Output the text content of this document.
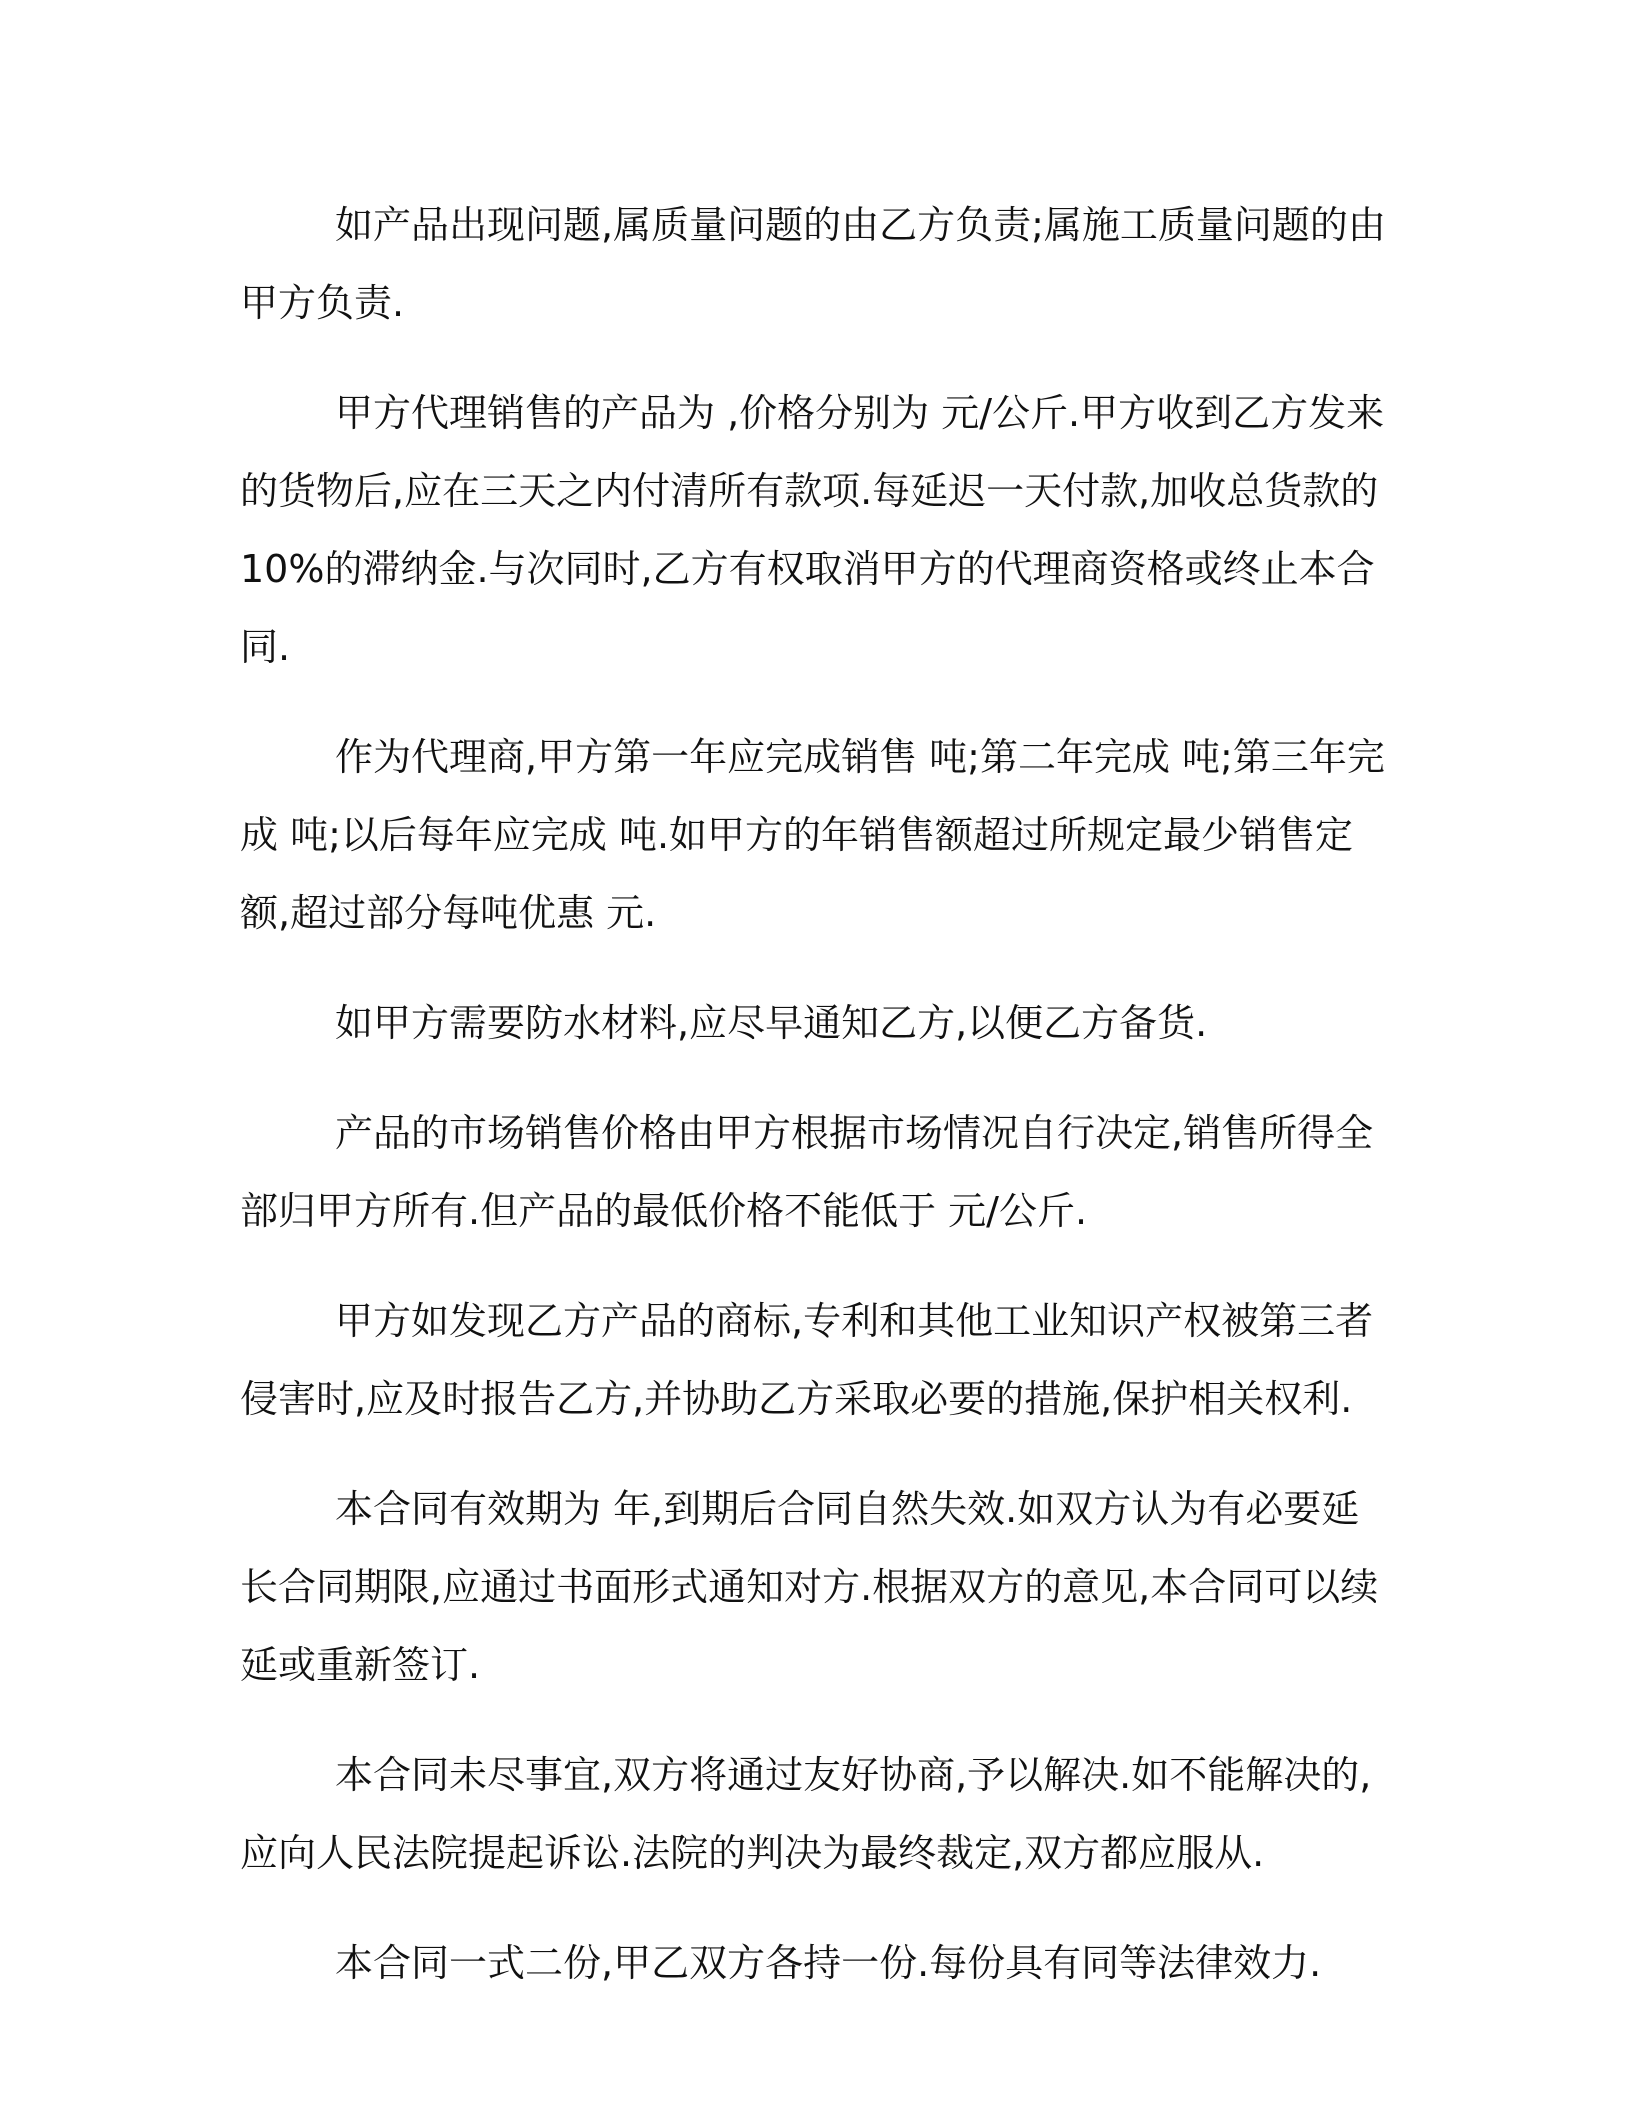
如产品出现问题,属质量问题的由乙方负责;属施工质量问题的由甲方负责.

甲方代理销售的产品为 ,价格分别为 元/公斤.甲方收到乙方发来的货物后,应在三天之内付清所有款项.每延迟一天付款,加收总货款的10%的滞纳金.与次同时,乙方有权取消甲方的代理商资格或终止本合同.

作为代理商,甲方第一年应完成销售 吨;第二年完成 吨;第三年完成 吨;以后每年应完成 吨.如甲方的年销售额超过所规定最少销售定额,超过部分每吨优惠 元.

如甲方需要防水材料,应尽早通知乙方,以便乙方备货.

产品的市场销售价格由甲方根据市场情况自行决定,销售所得全部归甲方所有.但产品的最低价格不能低于 元/公斤.

甲方如发现乙方产品的商标,专利和其他工业知识产权被第三者侵害时,应及时报告乙方,并协助乙方采取必要的措施,保护相关权利.

本合同有效期为 年,到期后合同自然失效.如双方认为有必要延长合同期限,应通过书面形式通知对方.根据双方的意见,本合同可以续延或重新签订.

本合同未尽事宜,双方将通过友好协商,予以解决.如不能解决的,应向人民法院提起诉讼.法院的判决为最终裁定,双方都应服从.

本合同一式二份,甲乙双方各持一份.每份具有同等法律效力.
